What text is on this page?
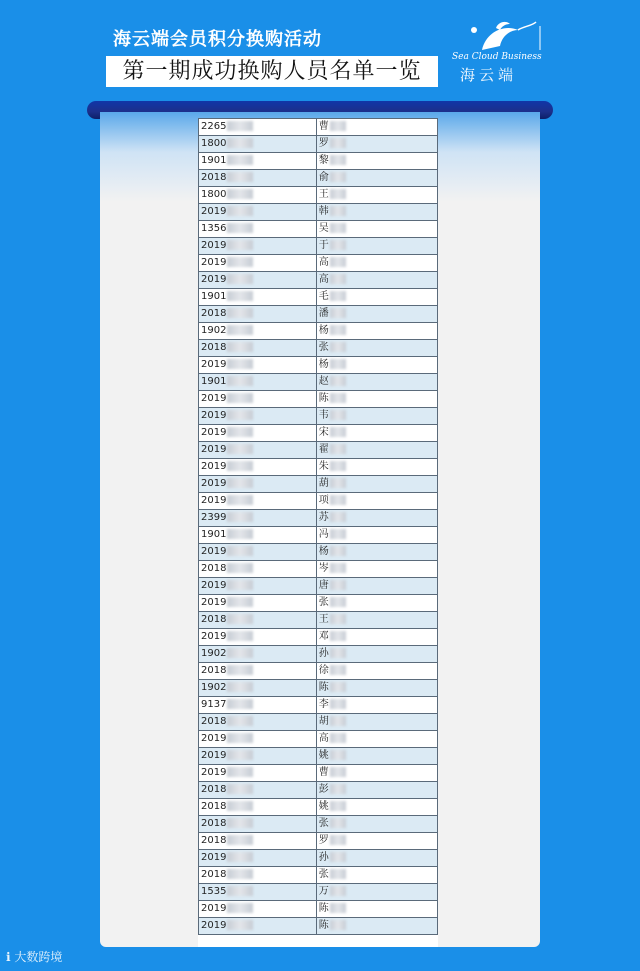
海云端会员积分换购活动
第一期成功换购人员名单一览
Sea Cloud Business
海云端
2265	曹
1800	罗
1901	黎
2018	俞
1800	王
2019	韩
1356	吴
2019	于
2019	高
2019	高
1901	毛
2018	潘
1902	杨
2018	张
2019	杨
1901	赵
2019	陈
2019	韦
2019	宋
2019	翟
2019	朱
2019	葫
2019	项
2399	苏
1901	冯
2019	杨
2018	岑
2019	唐
2019	张
2018	王
2019	邓
1902	孙
2018	徐
1902	陈
9137	李
2018	胡
2019	高
2019	姚
2019	曹
2018	彭
2018	姚
2018	张
2018	罗
2019	孙
2018	张
1535	万
2019	陈
2019	陈
ℹ︎ 大数跨境
